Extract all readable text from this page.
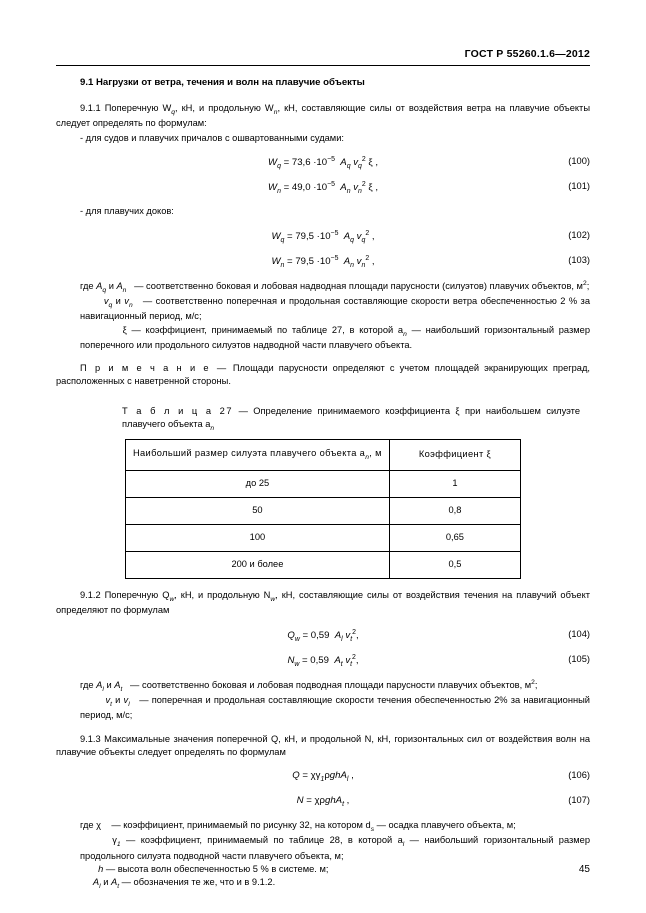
ГОСТ Р 55260.1.6—2012
9.1 Нагрузки от ветра, течения и волн на плавучие объекты

9.1.1 Поперечную $W_q$, кН, и продольную $W_n$, кН, составляющие силы от воздействия ветра на плавучие объекты следует определять по формулам:

- для судов и плавучих причалов с ошвартованными судами:

$W_q = 73,6 \cdot 10^{-5}$ $A_q$ $v_q^2$ ξ ,	(100)
$W_n = 49,0 \cdot 10^{-5}$ $A_n$ $v_n^2$ ξ ,	(101)

- для плавучих доков:

$W_q = 79,5 \cdot 10^{-5}$ $A_q$ $v_q^2$ ,	(102)
$W_n = 79,5 \cdot 10^{-5}$ $A_n$ $v_n^2$ ,	(103)
где $A_q$ и $A_n$   — соответственно боковая и лобовая надводная площади парусности (силуэтов) плавучих объектов, $м^2$;
$v_q$ и $v_n$   — соответственно поперечная и продольная составляющие скорости ветра обеспеченностью 2 % за навигационный период, м/с;
ξ — коэффициент, принимаемый по таблице 27, в которой $a_n$ — наибольший горизонтальный размер поперечного или продольного силуэтов надводной части плавучего объекта.

П р и м е ч а н и е — Площади парусности определяют с учетом площадей экранирующих преград, расположенных с наветренной стороны.

Т а б л и ц а 27 — Определение принимаемого коэффициента ξ при наибольшем силуэте плавучего объекта $a_n$
Наибольший размер силуэта плавучего объекта $a_n$, м	Коэффициент ξ
до 25	1
50	0,8
100	0,65
200 и более	0,5

9.1.2 Поперечную $Q_w$, кН, и продольную $N_w$, кН, составляющие силы от воздействия течения на плавучий объект определяют по формулам

$Q_w = 0,59$  $A_l$ $v_t^2$,	(104)
$N_w = 0,59$  $A_t$ $v_t^2$,	(105)
где $A_l$ и $A_t$   — соответственно боковая и лобовая подводная площади парусности плавучих объектов, $м^2$;
$v_t$ и $v_l$   — поперечная и продольная составляющие скорости течения обеспеченностью 2% за навигационный период, м/с;

9.1.3 Максимальные значения поперечной Q, кН, и продольной N, кН, горизонтальных сил от воздействия волн на плавучие объекты следует определять по формулам

$Q = \chi\gamma_1\rho ghA_l$ ,	(106)
N = χρghA$_t$ ,	(107)
где χ    — коэффициент, принимаемый по рисунку 32, на котором $d_s$ — осадка плавучего объекта, м;
$\gamma_1$ — коэффициент, принимаемый по таблице 28, в которой $a_l$ — наибольший горизонтальный размер продольного силуэта подводной части плавучего объекта, м;
h — высота волн обеспеченностью 5 % в системе. м;
$A_l$ и $A_t$ — обозначения те же, что и в 9.1.2.
45
